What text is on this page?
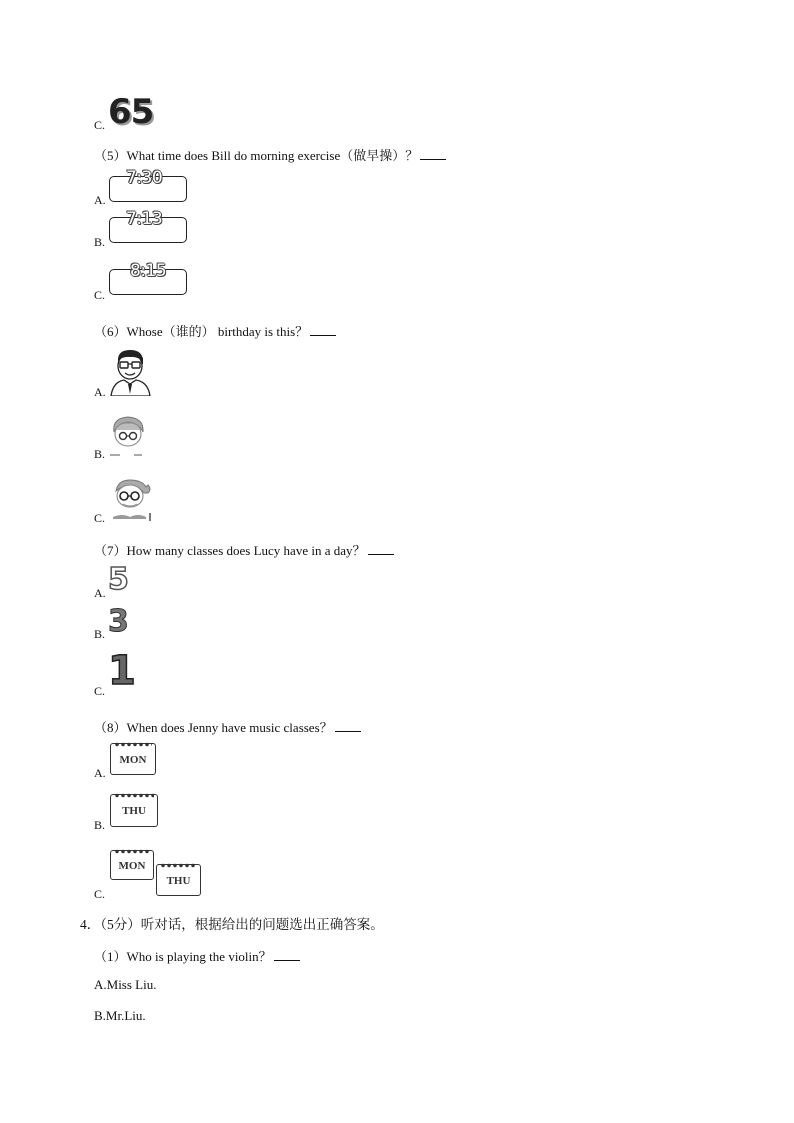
C. 65
（5）What time does Bill do morning exercise（做早操）？
A.
7:30
B.
7:13
C.
8:15
（6）Whose（谁的） birthday is this？
A.
B.
C.
（7）How many classes does Lucy have in a day？
A. 5
B. 3
C. 1
（8）When does Jenny have music classes？
A.
MON
B.
THU
C.
MON
THU
4．（5分）听对话，根据给出的问题选出正确答案。
（1）Who is playing the violin？
A.Miss Liu.
B.Mr.Liu.
